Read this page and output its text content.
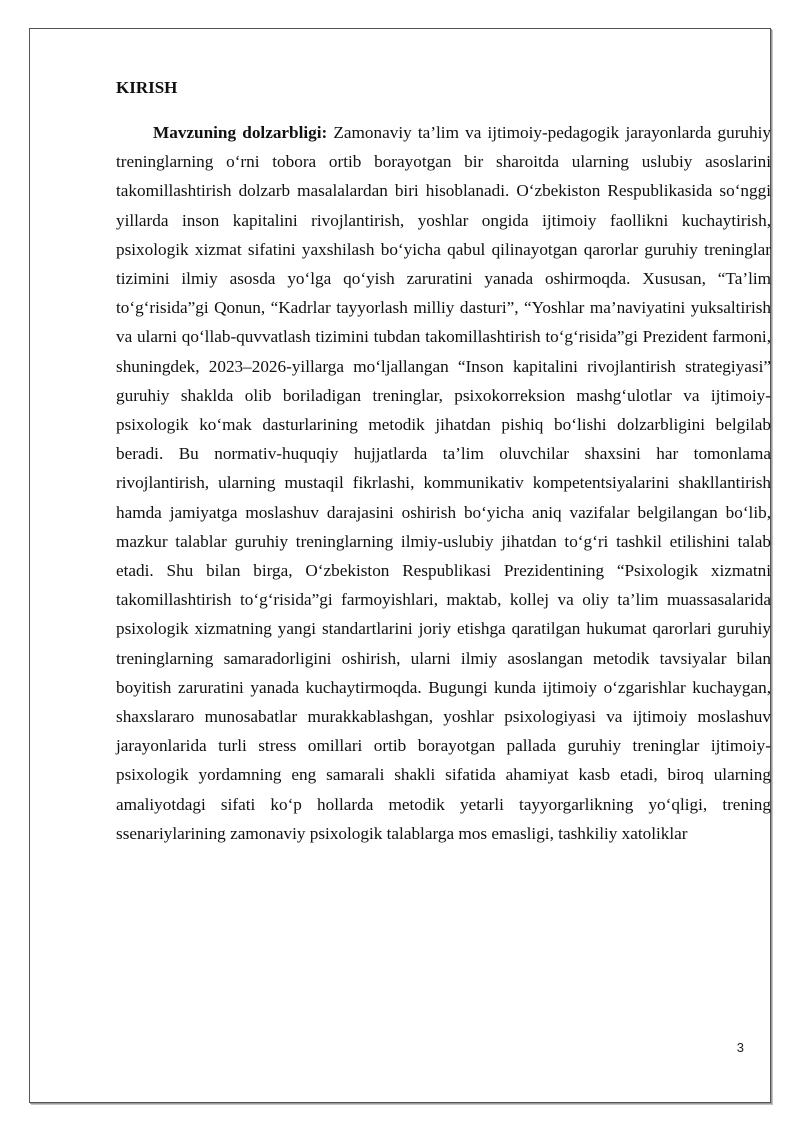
KIRISH

Mavzuning dolzarbligi: Zamonaviy ta’lim va ijtimoiy-pedagogik jarayonlarda guruhiy treninglarning o‘rni tobora ortib borayotgan bir sharoitda ularning uslubiy asoslarini takomillashtirish dolzarb masalalardan biri hisoblanadi. O‘zbekiston Respublikasida so‘nggi yillarda inson kapitalini rivojlantirish, yoshlar ongida ijtimoiy faollikni kuchaytirish, psixologik xizmat sifatini yaxshilash bo‘yicha qabul qilinayotgan qarorlar guruhiy treninglar tizimini ilmiy asosda yo‘lga qo‘yish zaruratini yanada oshirmoqda. Xususan, “Ta’lim to‘g‘risida”gi Qonun, “Kadrlar tayyorlash milliy dasturi”, “Yoshlar ma’naviyatini yuksaltirish va ularni qo‘llab-quvvatlash tizimini tubdan takomillashtirish to‘g‘risida”gi Prezident farmoni, shuningdek, 2023–2026-yillarga mo‘ljallangan “Inson kapitalini rivojlantirish strategiyasi” guruhiy shaklda olib boriladigan treninglar, psixokorreksion mashg‘ulotlar va ijtimoiy-psixologik ko‘mak dasturlarining metodik jihatdan pishiq bo‘lishi dolzarbligini belgilab beradi. Bu normativ-huquqiy hujjatlarda ta’lim oluvchilar shaxsini har tomonlama rivojlantirish, ularning mustaqil fikrlashi, kommunikativ kompetentsiyalarini shakllantirish hamda jamiyatga moslashuv darajasini oshirish bo‘yicha aniq vazifalar belgilangan bo‘lib, mazkur talablar guruhiy treninglarning ilmiy-uslubiy jihatdan to‘g‘ri tashkil etilishini talab etadi. Shu bilan birga, O‘zbekiston Respublikasi Prezidentining “Psixologik xizmatni takomillashtirish to‘g‘risida”gi farmoyishlari, maktab, kollej va oliy ta’lim muassasalarida psixologik xizmatning yangi standartlarini joriy etishga qaratilgan hukumat qarorlari guruhiy treninglarning samaradorligini oshirish, ularni ilmiy asoslangan metodik tavsiyalar bilan boyitish zaruratini yanada kuchaytirmoqda. Bugungi kunda ijtimoiy o‘zgarishlar kuchaygan, shaxslararo munosabatlar murakkablashgan, yoshlar psixologiyasi va ijtimoiy moslashuv jarayonlarida turli stress omillari ortib borayotgan pallada guruhiy treninglar ijtimoiy-psixologik yordamning eng samarali shakli sifatida ahamiyat kasb etadi, biroq ularning amaliyotdagi sifati ko‘p hollarda metodik yetarli tayyorgarlikning yo‘qligi, trening ssenariylarining zamonaviy psixologik talablarga mos emasligi, tashkiliy xatoliklar

3
